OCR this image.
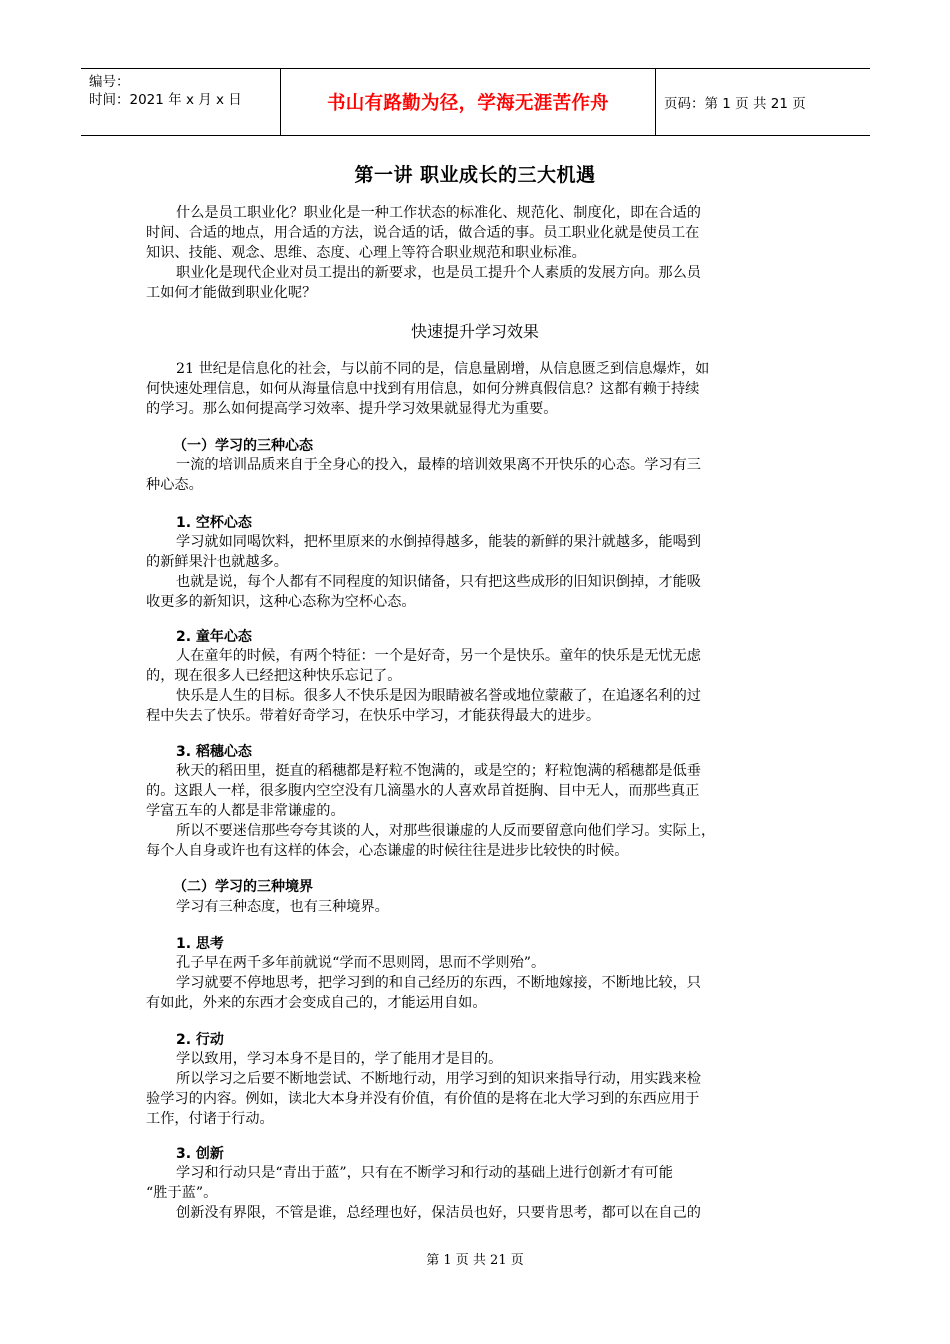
编号：
时间：2021 年 x 月 x 日	书山有路勤为径，学海无涯苦作舟	页码：第 1 页 共 21 页
第一讲 职业成长的三大机遇
什么是员工职业化？职业化是一种工作状态的标准化、规范化、制度化，即在合适的
时间、合适的地点，用合适的方法，说合适的话，做合适的事。员工职业化就是使员工在
知识、技能、观念、思维、态度、心理上等符合职业规范和职业标准。
职业化是现代企业对员工提出的新要求，也是员工提升个人素质的发展方向。那么员
工如何才能做到职业化呢？
快速提升学习效果
21 世纪是信息化的社会，与以前不同的是，信息量剧增，从信息匮乏到信息爆炸，如
何快速处理信息，如何从海量信息中找到有用信息，如何分辨真假信息？这都有赖于持续
的学习。那么如何提高学习效率、提升学习效果就显得尤为重要。
（一）学习的三种心态
一流的培训品质来自于全身心的投入，最棒的培训效果离不开快乐的心态。学习有三
种心态。
1. 空杯心态
学习就如同喝饮料，把杯里原来的水倒掉得越多，能装的新鲜的果汁就越多，能喝到
的新鲜果汁也就越多。
也就是说，每个人都有不同程度的知识储备，只有把这些成形的旧知识倒掉，才能吸
收更多的新知识，这种心态称为空杯心态。
2. 童年心态
人在童年的时候，有两个特征：一个是好奇，另一个是快乐。童年的快乐是无忧无虑
的，现在很多人已经把这种快乐忘记了。
快乐是人生的目标。很多人不快乐是因为眼睛被名誉或地位蒙蔽了，在追逐名利的过
程中失去了快乐。带着好奇学习，在快乐中学习，才能获得最大的进步。
3. 稻穗心态
秋天的稻田里，挺直的稻穗都是籽粒不饱满的，或是空的；籽粒饱满的稻穗都是低垂
的。这跟人一样，很多腹内空空没有几滴墨水的人喜欢昂首挺胸、目中无人，而那些真正
学富五车的人都是非常谦虚的。
所以不要迷信那些夸夸其谈的人，对那些很谦虚的人反而要留意向他们学习。实际上，
每个人自身或许也有这样的体会，心态谦虚的时候往往是进步比较快的时候。
（二）学习的三种境界
学习有三种态度，也有三种境界。
1. 思考
孔子早在两千多年前就说“学而不思则罔，思而不学则殆”。
学习就要不停地思考，把学习到的和自己经历的东西，不断地嫁接，不断地比较，只
有如此，外来的东西才会变成自己的，才能运用自如。
2. 行动
学以致用，学习本身不是目的，学了能用才是目的。
所以学习之后要不断地尝试、不断地行动，用学习到的知识来指导行动，用实践来检
验学习的内容。例如，读北大本身并没有价值，有价值的是将在北大学习到的东西应用于
工作，付诸于行动。
3. 创新
学习和行动只是“青出于蓝”，只有在不断学习和行动的基础上进行创新才有可能
“胜于蓝”。
创新没有界限，不管是谁，总经理也好，保洁员也好，只要肯思考，都可以在自己的
第 1 页 共 21 页
